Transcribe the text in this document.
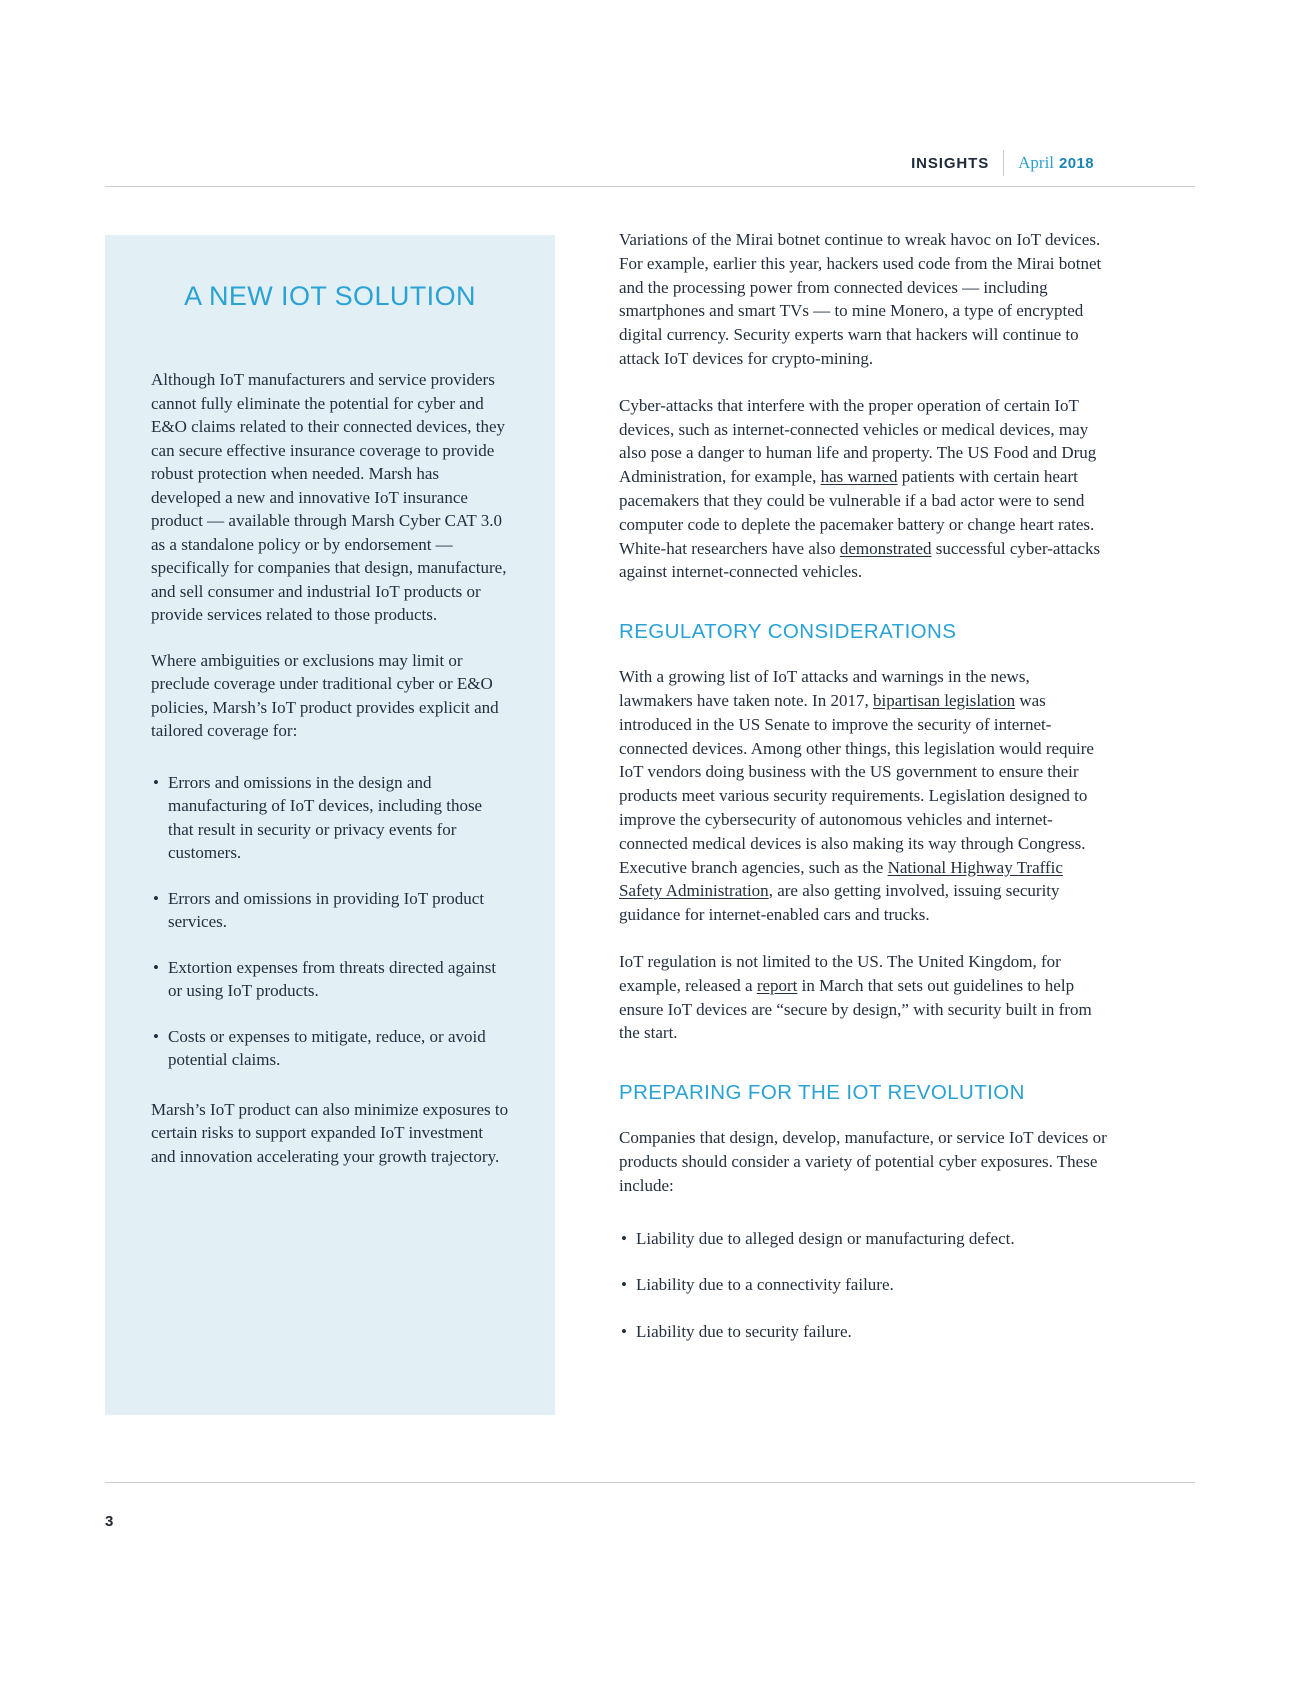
INSIGHTS April 2018
A NEW IOT SOLUTION

Although IoT manufacturers and service providers cannot fully eliminate the potential for cyber and E&O claims related to their connected devices, they can secure effective insurance coverage to provide robust protection when needed. Marsh has developed a new and innovative IoT insurance product — available through Marsh Cyber CAT 3.0 as a standalone policy or by endorsement — specifically for companies that design, manufacture, and sell consumer and industrial IoT products or provide services related to those products.

Where ambiguities or exclusions may limit or preclude coverage under traditional cyber or E&O policies, Marsh’s IoT product provides explicit and tailored coverage for:

• Errors and omissions in the design and manufacturing of IoT devices, including those that result in security or privacy events for customers.
• Errors and omissions in providing IoT product services.
• Extortion expenses from threats directed against or using IoT products.
• Costs or expenses to mitigate, reduce, or avoid potential claims.

Marsh’s IoT product can also minimize exposures to certain risks to support expanded IoT investment and innovation accelerating your growth trajectory.

Variations of the Mirai botnet continue to wreak havoc on IoT devices. For example, earlier this year, hackers used code from the Mirai botnet and the processing power from connected devices — including smartphones and smart TVs — to mine Monero, a type of encrypted digital currency. Security experts warn that hackers will continue to attack IoT devices for crypto-mining.

Cyber-attacks that interfere with the proper operation of certain IoT devices, such as internet-connected vehicles or medical devices, may also pose a danger to human life and property. The US Food and Drug Administration, for example, has warned patients with certain heart pacemakers that they could be vulnerable if a bad actor were to send computer code to deplete the pacemaker battery or change heart rates. White-hat researchers have also demonstrated successful cyber-attacks against internet-connected vehicles.

REGULATORY CONSIDERATIONS

With a growing list of IoT attacks and warnings in the news, lawmakers have taken note. In 2017, bipartisan legislation was introduced in the US Senate to improve the security of internet-connected devices. Among other things, this legislation would require IoT vendors doing business with the US government to ensure their products meet various security requirements. Legislation designed to improve the cybersecurity of autonomous vehicles and internet-connected medical devices is also making its way through Congress. Executive branch agencies, such as the National Highway Traffic Safety Administration, are also getting involved, issuing security guidance for internet-enabled cars and trucks.

IoT regulation is not limited to the US. The United Kingdom, for example, released a report in March that sets out guidelines to help ensure IoT devices are “secure by design,” with security built in from the start.

PREPARING FOR THE IOT REVOLUTION

Companies that design, develop, manufacture, or service IoT devices or products should consider a variety of potential cyber exposures. These include:

• Liability due to alleged design or manufacturing defect.
• Liability due to a connectivity failure.
• Liability due to security failure.
3
